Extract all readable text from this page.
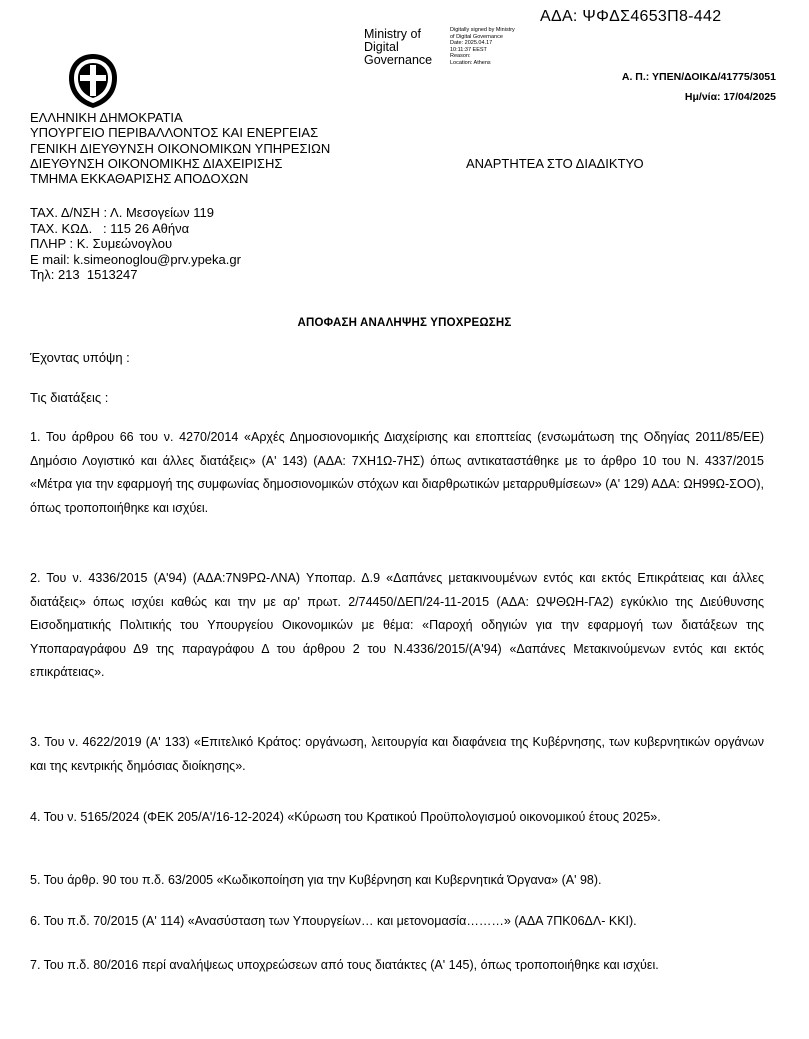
ΑΔΑ: ΨΦΔΣ4653Π8-442
Ministry of
Digital
Governance
Digitally signed by Ministry
of Digital Governance
Date: 2025.04.17
10:11:37 EEST
Reason:
Location: Athens
Α. Π.: ΥΠΕΝ/ΔΟΙΚΔ/41775/3051
Ημ/νία: 17/04/2025
ΕΛΛΗΝΙΚΗ ΔΗΜΟΚΡΑΤΙΑ
ΥΠΟΥΡΓΕΙΟ ΠΕΡΙΒΑΛΛΟΝΤΟΣ ΚΑΙ ΕΝΕΡΓΕΙΑΣ
ΓΕΝΙΚΗ ΔΙΕΥΘΥΝΣΗ ΟΙΚΟΝΟΜΙΚΩΝ ΥΠΗΡΕΣΙΩΝ
ΔΙΕΥΘΥΝΣΗ ΟΙΚΟΝΟΜΙΚΗΣ ΔΙΑΧΕΙΡΙΣΗΣ
ΤΜΗΜΑ ΕΚΚΑΘΑΡΙΣΗΣ ΑΠΟΔΟΧΩΝ
ΑΝΑΡΤΗΤΕΑ ΣΤΟ ΔΙΑΔΙΚΤΥΟ
ΤΑΧ. Δ/ΝΣΗ : Λ. Μεσογείων 119
ΤΑΧ. ΚΩΔ.   : 115 26 Αθήνα
ΠΛΗΡ : Κ. Συμεώνογλου
E mail: k.simeonoglou@prv.ypeka.gr
Τηλ: 213  1513247
ΑΠΟΦΑΣΗ ΑΝΑΛΗΨΗΣ ΥΠΟΧΡΕΩΣΗΣ
Έχοντας υπόψη :
Τις διατάξεις :
1. Του άρθρου 66 του ν. 4270/2014 «Αρχές Δημοσιονομικής Διαχείρισης και εποπτείας (ενσωμάτωση της Οδηγίας 2011/85/ΕΕ) Δημόσιο Λογιστικό και άλλες διατάξεις» (Α' 143) (ΑΔΑ: 7ΧΗ1Ω-7ΗΣ) όπως αντικαταστάθηκε με το άρθρο 10 του Ν. 4337/2015 «Μέτρα για την εφαρμογή της συμφωνίας δημοσιονομικών στόχων και διαρθρωτικών μεταρρυθμίσεων» (Α' 129) ΑΔΑ: ΩΗ99Ω-ΣΟΟ), όπως τροποποιήθηκε και ισχύει.
2. Του ν. 4336/2015 (Α'94) (ΑΔΑ:7Ν9ΡΩ-ΛΝΑ) Υποπαρ. Δ.9 «Δαπάνες μετακινουμένων εντός και εκτός Επικράτειας και άλλες διατάξεις» όπως ισχύει καθώς και την με αρ' πρωτ. 2/74450/ΔΕΠ/24-11-2015 (ΑΔΑ: ΩΨΘΩΗ-ΓΑ2) εγκύκλιο της Διεύθυνσης Εισοδηματικής Πολιτικής του Υπουργείου Οικονομικών με θέμα: «Παροχή οδηγιών για την εφαρμογή των διατάξεων της Υποπαραγράφου Δ9 της παραγράφου Δ του άρθρου 2 του Ν.4336/2015/(Α'94) «Δαπάνες Μετακινούμενων εντός και εκτός επικράτειας».
3. Του ν. 4622/2019 (Α' 133) «Επιτελικό Κράτος: οργάνωση, λειτουργία και διαφάνεια της Κυβέρνησης, των κυβερνητικών οργάνων και της κεντρικής δημόσιας διοίκησης».
4. Του ν. 5165/2024 (ΦΕΚ 205/Α'/16-12-2024) «Κύρωση του Κρατικού Προϋπολογισμού οικονομικού έτους 2025».
5. Του άρθρ. 90 του π.δ. 63/2005 «Κωδικοποίηση για την Κυβέρνηση και Κυβερνητικά Όργανα» (Α' 98).
6. Του π.δ. 70/2015 (Α' 114) «Ανασύσταση των Υπουργείων… και μετονομασία………» (ΑΔΑ 7ΠΚ06ΔΛ- ΚΚΙ).
7. Του π.δ. 80/2016 περί αναλήψεως υποχρεώσεων από τους διατάκτες (Α' 145), όπως τροποποιήθηκε και ισχύει.
